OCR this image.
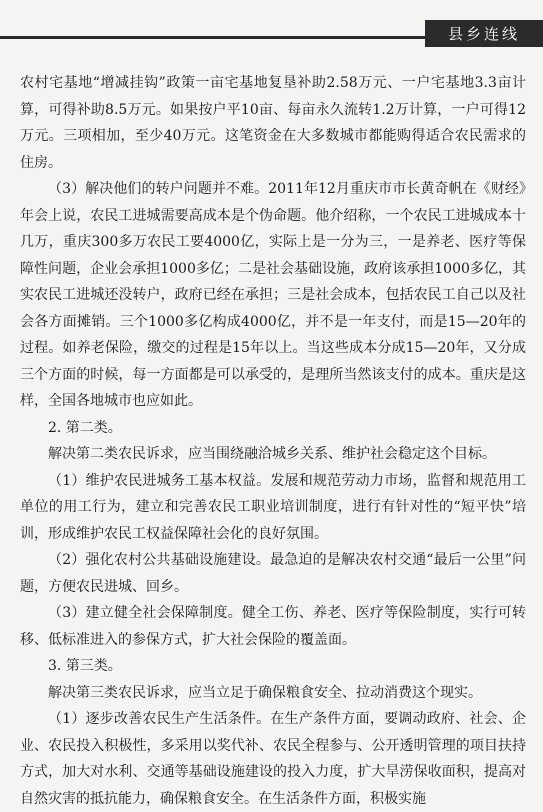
县乡连线

农村宅基地“增减挂钩”政策一亩宅基地复垦补助2.58万元、一户宅基地3.3亩计算，可得补助8.5万元。如果按户平10亩、每亩永久流转1.2万计算，一户可得12万元。三项相加，至少40万元。这笔资金在大多数城市都能购得适合农民需求的住房。

（3）解决他们的转户问题并不难。2011年12月重庆市市长黄奇帆在《财经》年会上说，农民工进城需要高成本是个伪命题。他介绍称，一个农民工进城成本十几万，重庆300多万农民工要4000亿，实际上是一分为三，一是养老、医疗等保障性问题，企业会承担1000多亿；二是社会基础设施，政府该承担1000多亿，其实农民工进城还没转户，政府已经在承担；三是社会成本，包括农民工自己以及社会各方面摊销。三个1000多亿构成4000亿，并不是一年支付，而是15—20年的过程。如养老保险，缴交的过程是15年以上。当这些成本分成15—20年，又分成三个方面的时候，每一方面都是可以承受的，是理所当然该支付的成本。重庆是这样，全国各地城市也应如此。

2. 第二类。

解决第二类农民诉求，应当围绕融洽城乡关系、维护社会稳定这个目标。

（1）维护农民进城务工基本权益。发展和规范劳动力市场，监督和规范用工单位的用工行为，建立和完善农民工职业培训制度，进行有针对性的“短平快”培训，形成维护农民工权益保障社会化的良好氛围。

（2）强化农村公共基础设施建设。最急迫的是解决农村交通“最后一公里”问题，方便农民进城、回乡。

（3）建立健全社会保障制度。健全工伤、养老、医疗等保险制度，实行可转移、低标准进入的参保方式，扩大社会保险的覆盖面。

3. 第三类。

解决第三类农民诉求，应当立足于确保粮食安全、拉动消费这个现实。

（1）逐步改善农民生产生活条件。在生产条件方面，要调动政府、社会、企业、农民投入积极性，多采用以奖代补、农民全程参与、公开透明管理的项目扶持方式，加大对水利、交通等基础设施建设的投入力度，扩大旱涝保收面积，提高对自然灾害的抵抗能力，确保粮食安全。在生活条件方面，积极实施
